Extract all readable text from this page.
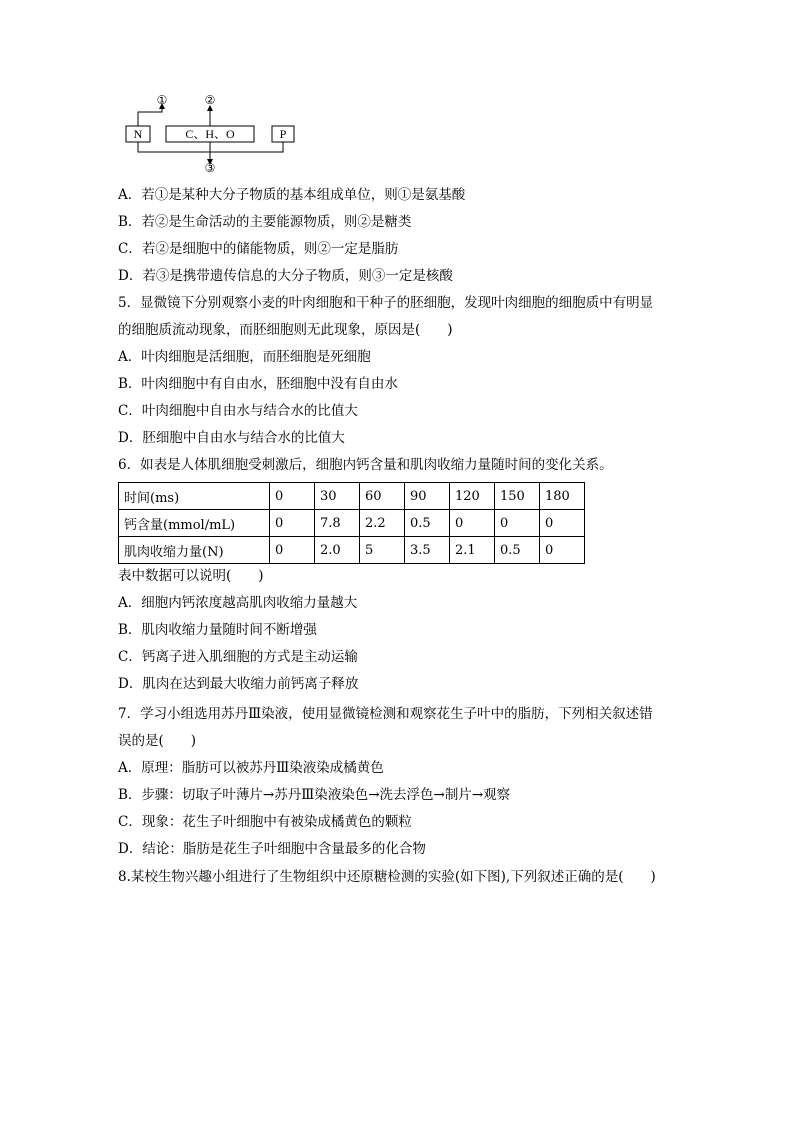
N	C、H、O	P
①	②
③
A．若①是某种大分子物质的基本组成单位，则①是氨基酸
B．若②是生命活动的主要能源物质，则②是糖类
C．若②是细胞中的储能物质，则②一定是脂肪
D．若③是携带遗传信息的大分子物质，则③一定是核酸
5．显微镜下分别观察小麦的叶肉细胞和干种子的胚细胞，发现叶肉细胞的细胞质中有明显
的细胞质流动现象，而胚细胞则无此现象，原因是(　　)
A．叶肉细胞是活细胞，而胚细胞是死细胞
B．叶肉细胞中有自由水，胚细胞中没有自由水
C．叶肉细胞中自由水与结合水的比值大
D．胚细胞中自由水与结合水的比值大
6．如表是人体肌细胞受刺激后，细胞内钙含量和肌肉收缩力量随时间的变化关系。
时间(ms)	0	30	60	90	120	150	180
钙含量(mmol/mL)	0	7.8	2.2	0.5	0	0	0
肌肉收缩力量(N)	0	2.0	5	3.5	2.1	0.5	0
表中数据可以说明(　　)
A．细胞内钙浓度越高肌肉收缩力量越大
B．肌肉收缩力量随时间不断增强
C．钙离子进入肌细胞的方式是主动运输
D．肌肉在达到最大收缩力前钙离子释放
7．学习小组选用苏丹Ⅲ染液，使用显微镜检测和观察花生子叶中的脂肪，下列相关叙述错
误的是(　　)
A．原理：脂肪可以被苏丹Ⅲ染液染成橘黄色
B．步骤：切取子叶薄片→苏丹Ⅲ染液染色→洗去浮色→制片→观察
C．现象：花生子叶细胞中有被染成橘黄色的颗粒
D．结论：脂肪是花生子叶细胞中含量最多的化合物
8.某校生物兴趣小组进行了生物组织中还原糖检测的实验(如下图),下列叙述正确的是(　　)
